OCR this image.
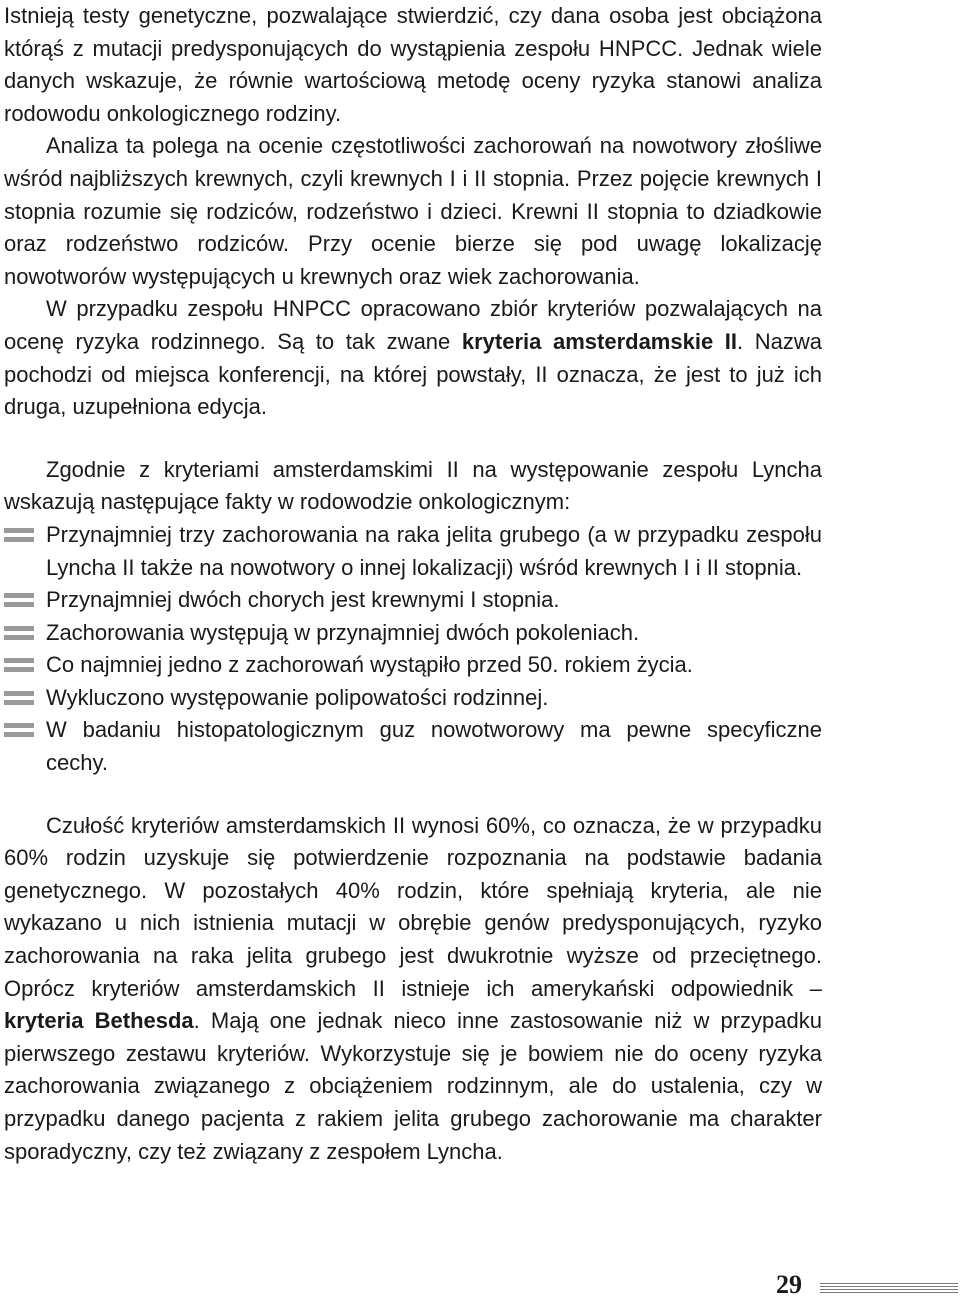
Istnieją testy genetyczne, pozwalające stwierdzić, czy dana osoba jest obciążona którąś z mutacji predysponujących do wystąpienia zespołu HNPCC. Jednak wiele danych wskazuje, że równie wartościową metodę oceny ryzyka stanowi analiza rodowodu onkologicznego rodziny.

Analiza ta polega na ocenie częstotliwości zachorowań na nowotwory złośliwe wśród najbliższych krewnych, czyli krewnych I i II stopnia. Przez pojęcie krewnych I stopnia rozumie się rodziców, rodzeństwo i dzieci. Krewni II stopnia to dziadkowie oraz rodzeństwo rodziców. Przy ocenie bierze się pod uwagę lokalizację nowotworów występujących u krewnych oraz wiek zachorowania.

W przypadku zespołu HNPCC opracowano zbiór kryteriów pozwalających na ocenę ryzyka rodzinnego. Są to tak zwane kryteria amsterdamskie II. Nazwa pochodzi od miejsca konferencji, na której powstały, II oznacza, że jest to już ich druga, uzupełniona edycja.

Zgodnie z kryteriami amsterdamskimi II na występowanie zespołu Lyncha wskazują następujące fakty w rodowodzie onkologicznym:

Przynajmniej trzy zachorowania na raka jelita grubego (a w przypadku zespołu Lyncha II także na nowotwory o innej lokalizacji) wśród krewnych I i II stopnia.
Przynajmniej dwóch chorych jest krewnymi I stopnia.
Zachorowania występują w przynajmniej dwóch pokoleniach.
Co najmniej jedno z zachorowań wystąpiło przed 50. rokiem życia.
Wykluczono występowanie polipowatości rodzinnej.
W badaniu histopatologicznym guz nowotworowy ma pewne specyficzne cechy.

Czułość kryteriów amsterdamskich II wynosi 60%, co oznacza, że w przypadku 60% rodzin uzyskuje się potwierdzenie rozpoznania na podstawie badania genetycznego. W pozostałych 40% rodzin, które spełniają kryteria, ale nie wykazano u nich istnienia mutacji w obrębie genów predysponujących, ryzyko zachorowania na raka jelita grubego jest dwukrotnie wyższe od przeciętnego. Oprócz kryteriów amsterdamskich II istnieje ich amerykański odpowiednik – kryteria Bethesda. Mają one jednak nieco inne zastosowanie niż w przypadku pierwszego zestawu kryteriów. Wykorzystuje się je bowiem nie do oceny ryzyka zachorowania związanego z obciążeniem rodzinnym, ale do ustalenia, czy w przypadku danego pacjenta z rakiem jelita grubego zachorowanie ma charakter sporadyczny, czy też związany z zespołem Lyncha.

29
